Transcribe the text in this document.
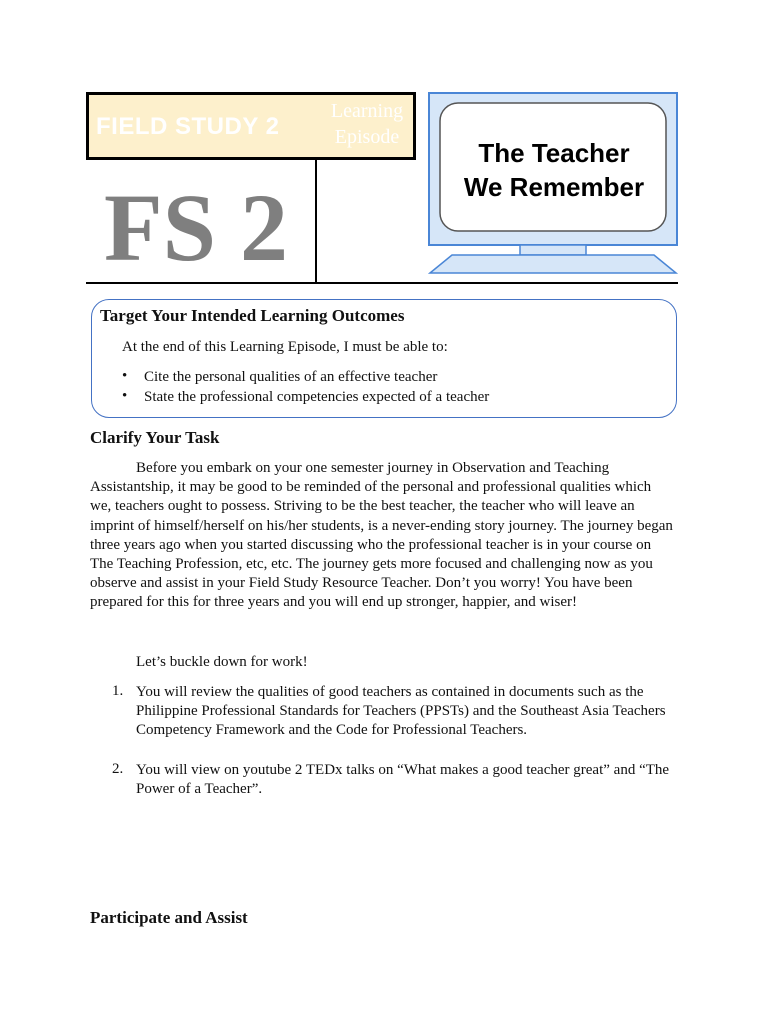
FIELD STUDY 2
Learning
Episode
FS 2
The Teacher
We Remember
Target Your Intended Learning Outcomes
At the end of this Learning Episode, I must be able to:
• Cite the personal qualities of an effective teacher
• State the professional competencies expected of a teacher
Clarify Your Task
Before you embark on your one semester journey in Observation and Teaching
Assistantship, it may be good to be reminded of the personal and professional qualities which
we, teachers ought to possess. Striving to be the best teacher, the teacher who will leave an
imprint of himself/herself on his/her students, is a never-ending story journey. The journey began
three years ago when you started discussing who the professional teacher is in your course on
The Teaching Profession, etc, etc. The journey gets more focused and challenging now as you
observe and assist in your Field Study Resource Teacher. Don’t you worry! You have been
prepared for this for three years and you will end up stronger, happier, and wiser!
Let’s buckle down for work!
1. You will review the qualities of good teachers as contained in documents such as the
Philippine Professional Standards for Teachers (PPSTs) and the Southeast Asia Teachers
Competency Framework and the Code for Professional Teachers.
2. You will view on youtube 2 TEDx talks on “What makes a good teacher great” and “The
Power of a Teacher”.
Participate and Assist
